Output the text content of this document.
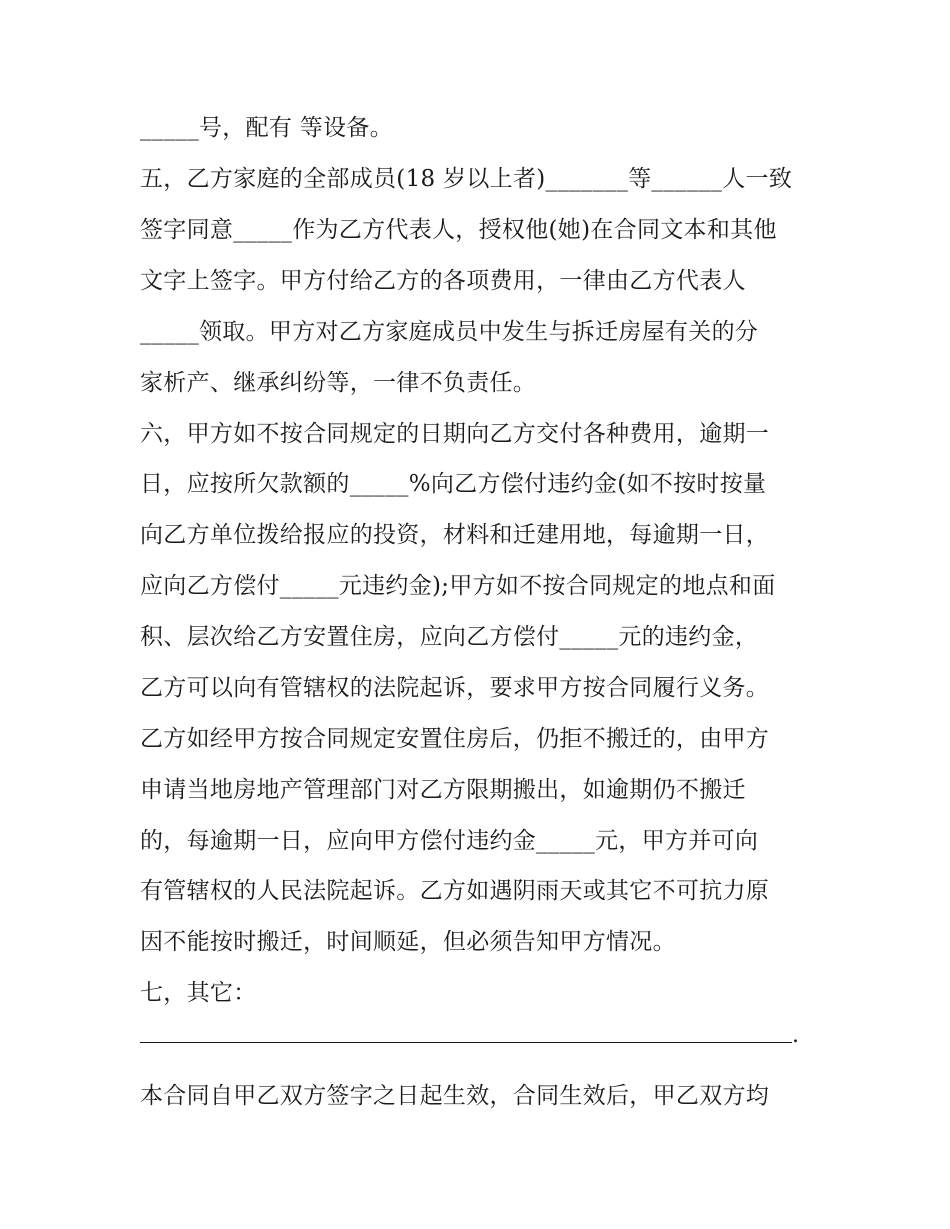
_____号，配有 等设备。
五，乙方家庭的全部成员(18 岁以上者)_______等______人一致
签字同意_____作为乙方代表人，授权他(她)在合同文本和其他
文字上签字。甲方付给乙方的各项费用，一律由乙方代表人
_____领取。甲方对乙方家庭成员中发生与拆迁房屋有关的分
家析产、继承纠纷等，一律不负责任。
六，甲方如不按合同规定的日期向乙方交付各种费用，逾期一
日，应按所欠款额的_____%向乙方偿付违约金(如不按时按量
向乙方单位拨给报应的投资，材料和迁建用地，每逾期一日，
应向乙方偿付_____元违约金);甲方如不按合同规定的地点和面
积、层次给乙方安置住房，应向乙方偿付_____元的违约金，
乙方可以向有管辖权的法院起诉，要求甲方按合同履行义务。
乙方如经甲方按合同规定安置住房后，仍拒不搬迁的，由甲方
申请当地房地产管理部门对乙方限期搬出，如逾期仍不搬迁
的，每逾期一日，应向甲方偿付违约金_____元，甲方并可向
有管辖权的人民法院起诉。乙方如遇阴雨天或其它不可抗力原
因不能按时搬迁，时间顺延，但必须告知甲方情况。
七，其它：
.
本合同自甲乙双方签字之日起生效，合同生效后，甲乙双方均
